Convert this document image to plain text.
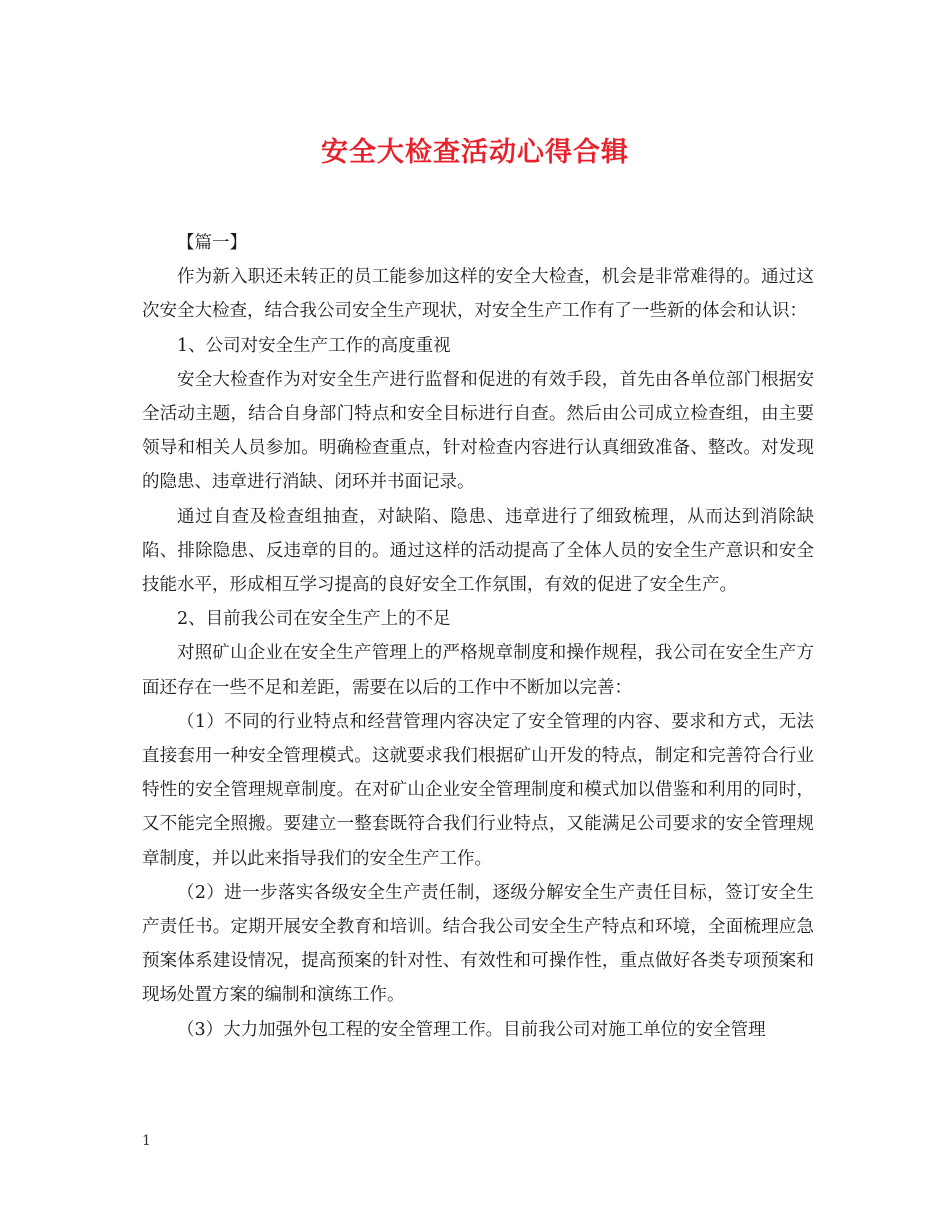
安全大检查活动心得合辑

【篇一】

作为新入职还未转正的员工能参加这样的安全大检查，机会是非常难得的。通过这次安全大检查，结合我公司安全生产现状，对安全生产工作有了一些新的体会和认识：

1、公司对安全生产工作的高度重视

安全大检查作为对安全生产进行监督和促进的有效手段，首先由各单位部门根据安全活动主题，结合自身部门特点和安全目标进行自查。然后由公司成立检查组，由主要领导和相关人员参加。明确检查重点，针对检查内容进行认真细致准备、整改。对发现的隐患、违章进行消缺、闭环并书面记录。

通过自查及检查组抽查，对缺陷、隐患、违章进行了细致梳理，从而达到消除缺陷、排除隐患、反违章的目的。通过这样的活动提高了全体人员的安全生产意识和安全技能水平，形成相互学习提高的良好安全工作氛围，有效的促进了安全生产。

2、目前我公司在安全生产上的不足

对照矿山企业在安全生产管理上的严格规章制度和操作规程，我公司在安全生产方面还存在一些不足和差距，需要在以后的工作中不断加以完善：

（1）不同的行业特点和经营管理内容决定了安全管理的内容、要求和方式，无法直接套用一种安全管理模式。这就要求我们根据矿山开发的特点，制定和完善符合行业特性的安全管理规章制度。在对矿山企业安全管理制度和模式加以借鉴和利用的同时，又不能完全照搬。要建立一整套既符合我们行业特点，又能满足公司要求的安全管理规章制度，并以此来指导我们的安全生产工作。

（2）进一步落实各级安全生产责任制，逐级分解安全生产责任目标，签订安全生产责任书。定期开展安全教育和培训。结合我公司安全生产特点和环境，全面梳理应急预案体系建设情况，提高预案的针对性、有效性和可操作性，重点做好各类专项预案和现场处置方案的编制和演练工作。

（3）大力加强外包工程的安全管理工作。目前我公司对施工单位的安全管理

1
